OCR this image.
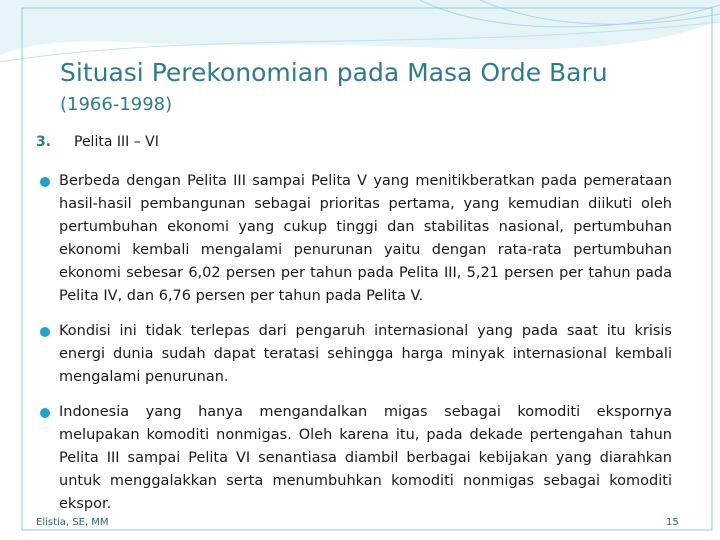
Situasi Perekonomian pada Masa Orde Baru
(1966-1998)
3. Pelita III – VI
Berbeda dengan Pelita III sampai Pelita V yang menitikberatkan pada pemerataan hasil-hasil pembangunan sebagai prioritas pertama, yang kemudian diikuti oleh pertumbuhan ekonomi yang cukup tinggi dan stabilitas nasional, pertumbuhan ekonomi kembali mengalami penurunan yaitu dengan rata-rata pertumbuhan ekonomi sebesar 6,02 persen per tahun pada Pelita III, 5,21 persen per tahun pada Pelita IV, dan 6,76 persen per tahun pada Pelita V.
Kondisi ini tidak terlepas dari pengaruh internasional yang pada saat itu krisis energi dunia sudah dapat teratasi sehingga harga minyak internasional kembali mengalami penurunan.
Indonesia yang hanya mengandalkan migas sebagai komoditi ekspornya melupakan komoditi nonmigas. Oleh karena itu, pada dekade pertengahan tahun Pelita III sampai Pelita VI senantiasa diambil berbagai kebijakan yang diarahkan untuk menggalakkan serta menumbuhkan komoditi nonmigas sebagai komoditi ekspor.
Elistia, SE, MM	15
